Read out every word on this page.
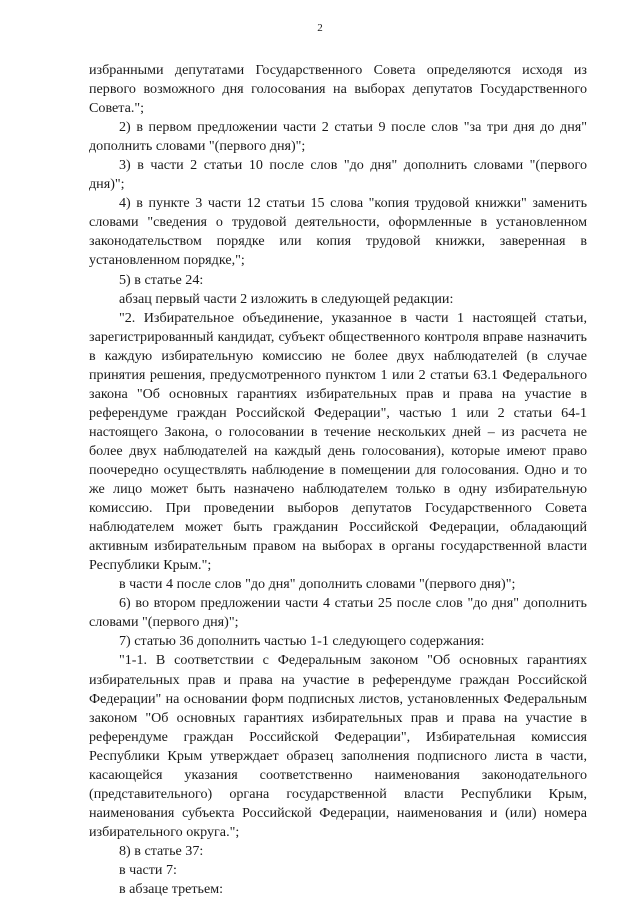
2

избранными депутатами Государственного Совета определяются исходя из первого возможного дня голосования на выборах депутатов Государственного Совета.";

2) в первом предложении части 2 статьи 9 после слов "за три дня до дня" дополнить словами "(первого дня)";

3) в части 2 статьи 10 после слов "до дня" дополнить словами "(первого дня)";

4) в пункте 3 части 12 статьи 15 слова "копия трудовой книжки" заменить словами "сведения о трудовой деятельности, оформленные в установленном законодательством порядке или копия трудовой книжки, заверенная в установленном порядке,";

5) в статье 24:

абзац первый части 2 изложить в следующей редакции:

"2. Избирательное объединение, указанное в части 1 настоящей статьи, зарегистрированный кандидат, субъект общественного контроля вправе назначить в каждую избирательную комиссию не более двух наблюдателей (в случае принятия решения, предусмотренного пунктом 1 или 2 статьи 63.1 Федерального закона "Об основных гарантиях избирательных прав и права на участие в референдуме граждан Российской Федерации", частью 1 или 2 статьи 64-1 настоящего Закона, о голосовании в течение нескольких дней – из расчета не более двух наблюдателей на каждый день голосования), которые имеют право поочередно осуществлять наблюдение в помещении для голосования. Одно и то же лицо может быть назначено наблюдателем только в одну избирательную комиссию. При проведении выборов депутатов Государственного Совета наблюдателем может быть гражданин Российской Федерации, обладающий активным избирательным правом на выборах в органы государственной власти Республики Крым.";

в части 4 после слов "до дня" дополнить словами "(первого дня)";

6) во втором предложении части 4 статьи 25 после слов "до дня" дополнить словами "(первого дня)";

7) статью 36 дополнить частью 1-1 следующего содержания:

"1-1. В соответствии с Федеральным законом "Об основных гарантиях избирательных прав и права на участие в референдуме граждан Российской Федерации" на основании форм подписных листов, установленных Федеральным законом "Об основных гарантиях избирательных прав и права на участие в референдуме граждан Российской Федерации", Избирательная комиссия Республики Крым утверждает образец заполнения подписного листа в части, касающейся указания соответственно наименования законодательного (представительного) органа государственной власти Республики Крым, наименования субъекта Российской Федерации, наименования и (или) номера избирательного округа.";

8) в статье 37:

в части 7:

в абзаце третьем:
